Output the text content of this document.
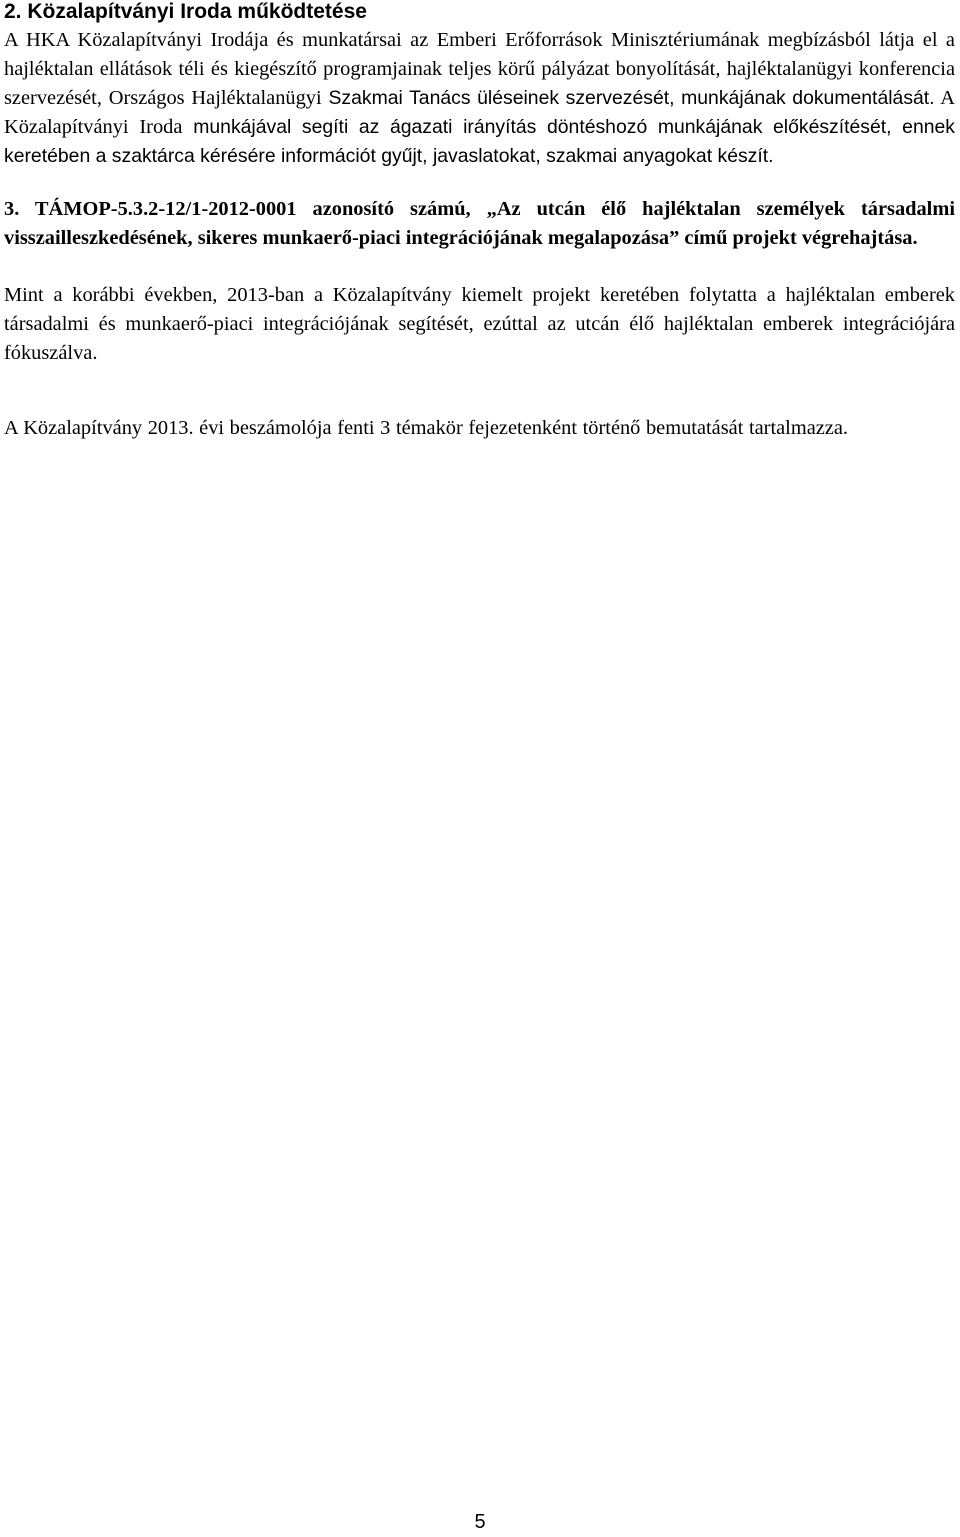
2. Közalapítványi Iroda működtetése

A HKA Közalapítványi Irodája és munkatársai az Emberi Erőforrások Minisztériumának megbízásból látja el a hajléktalan ellátások téli és kiegészítő programjainak teljes körű pályázat bonyolítását, hajléktalanügyi konferencia szervezését, Országos Hajléktalanügyi Szakmai Tanács üléseinek szervezését, munkájának dokumentálását. A Közalapítványi Iroda munkájával segíti az ágazati irányítás döntéshozó munkájának előkészítését, ennek keretében a szaktárca kérésére információt gyűjt, javaslatokat, szakmai anyagokat készít.

3. TÁMOP-5.3.2-12/1-2012-0001 azonosító számú, „Az utcán élő hajléktalan személyek társadalmi visszailleszkedésének, sikeres munkaerő-piaci integrációjának megalapozása” című projekt végrehajtása.

Mint a korábbi években, 2013-ban a Közalapítvány kiemelt projekt keretében folytatta a hajléktalan emberek társadalmi és munkaerő-piaci integrációjának segítését, ezúttal az utcán élő hajléktalan emberek integrációjára fókuszálva.

A Közalapítvány 2013. évi beszámolója fenti 3 témakör fejezetenként történő bemutatását tartalmazza.

5
